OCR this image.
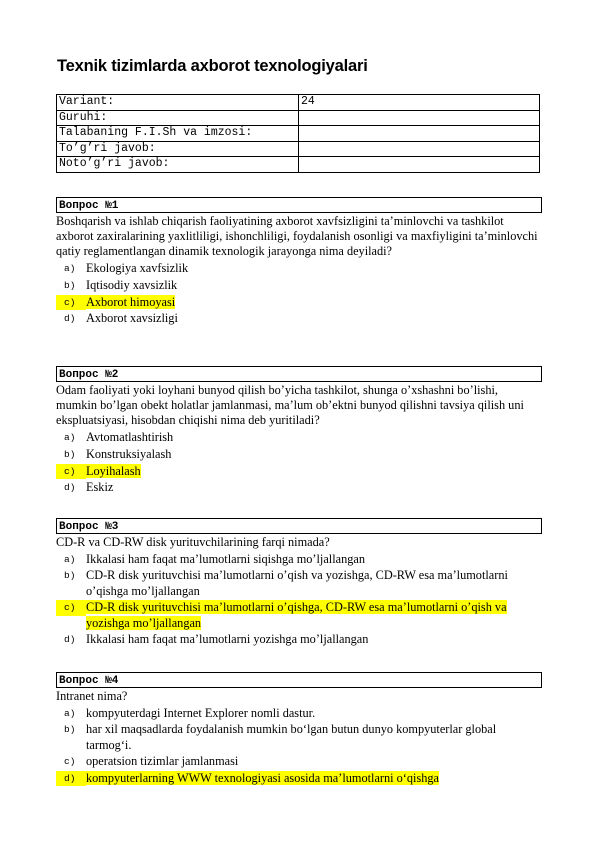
Texnik tizimlarda axborot texnologiyalari
Variant:	24
Guruhi:	
Talabaning F.I.Sh va imzosi:	
To’g’ri javob:	
Noto’g’ri javob:	
Вопрос №1
Boshqarish va ishlab chiqarish faoliyatining axborot xavfsizligini ta’minlovchi va tashkilot axborot zaxiralarining yaxlitliligi, ishonchliligi, foydalanish osonligi va maxfiyligini ta’minlovchi qatiy reglamentlangan dinamik texnologik jarayonga nima deyiladi?
a) Ekologiya xavfsizlik
b) Iqtisodiy xavsizlik
c) Axborot himoyasi
d) Axborot xavsizligi
Вопрос №2
Odam faoliyati yoki loyhani bunyod qilish bo’yicha tashkilot, shunga o’xshashni bo’lishi, mumkin bo’lgan obekt holatlar jamlanmasi, ma’lum ob’ektni bunyod qilishni tavsiya qilish uni ekspluatsiyasi, hisobdan chiqishi nima deb yuritiladi?
a) Avtomatlashtirish
b) Konstruksiyalash
c) Loyihalash
d) Eskiz
Вопрос №3
CD-R va CD-RW disk yurituvchilarining farqi nimada?
a) Ikkalasi ham faqat ma’lumotlarni siqishga mo’ljallangan
b) CD-R disk yurituvchisi ma’lumotlarni o’qish va yozishga, CD-RW esa ma’lumotlarni o’qishga mo’ljallangan
c) CD-R disk yurituvchisi ma’lumotlarni o’qishga, CD-RW esa ma’lumotlarni o’qish va yozishga mo’ljallangan
d) Ikkalasi ham faqat ma’lumotlarni yozishga mo’ljallangan
Вопрос №4
Intranet nima?
a) kompyuterdagi Internet Explorer nomli dastur.
b) har xil maqsadlarda foydalanish mumkin bo‘lgan butun dunyo kompyuterlar global tarmog‘i.
c) operatsion tizimlar jamlanmasi
d) kompyuterlarning WWW texnologiyasi asosida ma’lumotlarni o‘qishga
